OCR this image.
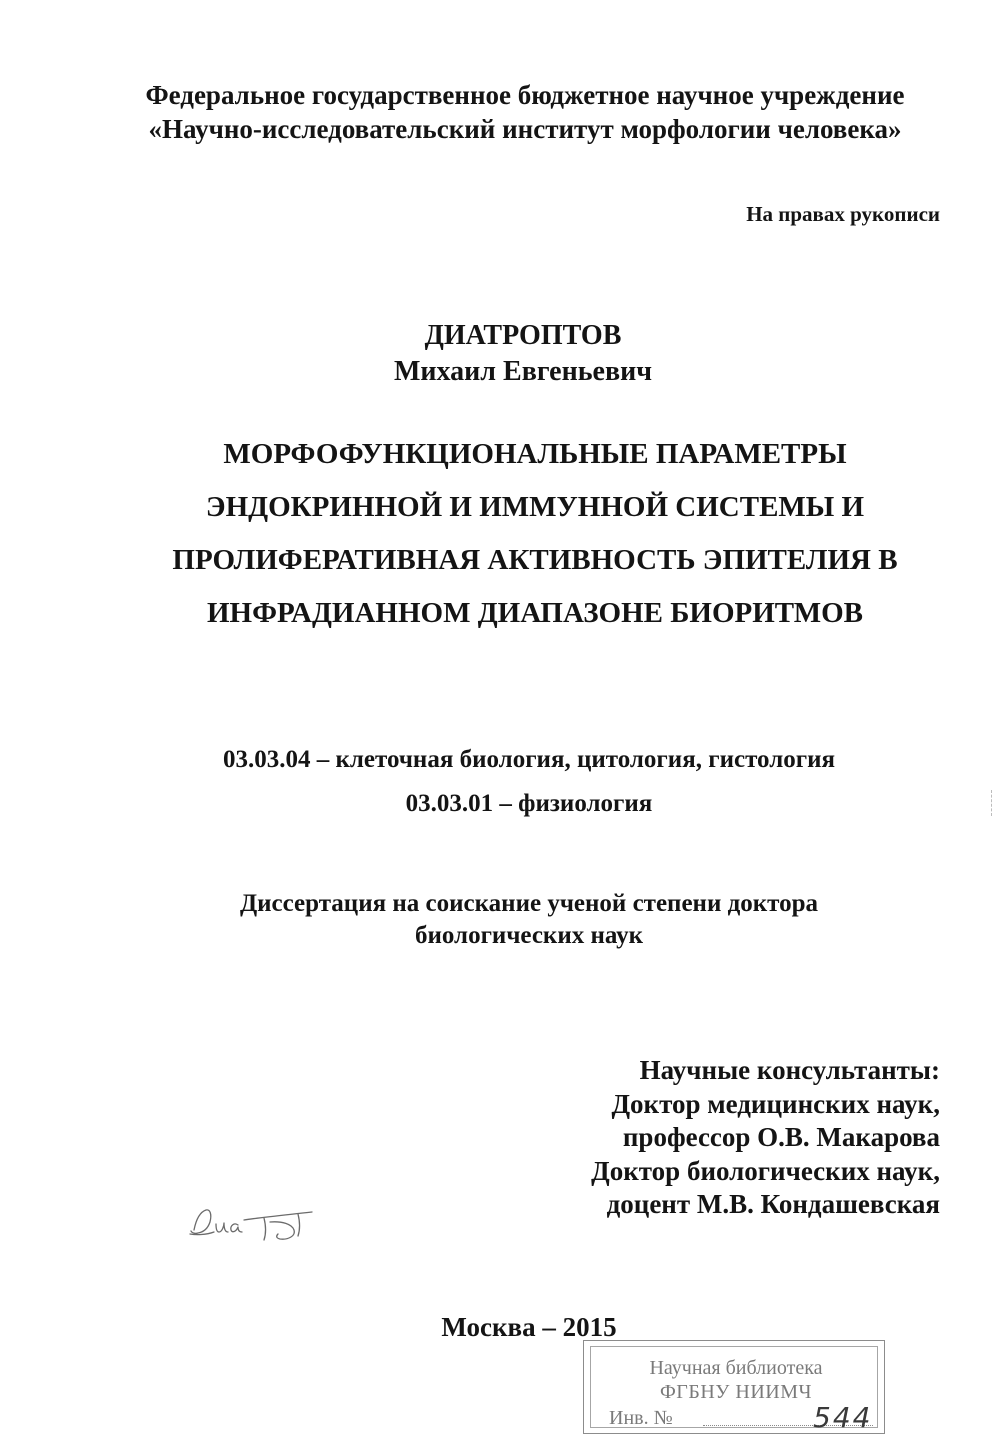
Федеральное государственное бюджетное научное учреждение
«Научно-исследовательский институт морфологии человека»
На правах рукописи
ДИАТРОПТОВ
Михаил Евгеньевич
МОРФОФУНКЦИОНАЛЬНЫЕ ПАРАМЕТРЫ
ЭНДОКРИННОЙ И ИММУННОЙ СИСТЕМЫ И
ПРОЛИФЕРАТИВНАЯ АКТИВНОСТЬ ЭПИТЕЛИЯ В
ИНФРАДИАННОМ ДИАПАЗОНЕ БИОРИТМОВ
03.03.04 – клеточная биология, цитология, гистология
03.03.01 – физиология
Диссертация на соискание ученой степени доктора
биологических наук
Научные консультанты:
Доктор медицинских наук,
профессор О.В. Макарова
Доктор биологических наук,
доцент М.В. Кондашевская
Москва – 2015
Научная библиотека
ФГБНУ НИИМЧ
Инв. №	544
